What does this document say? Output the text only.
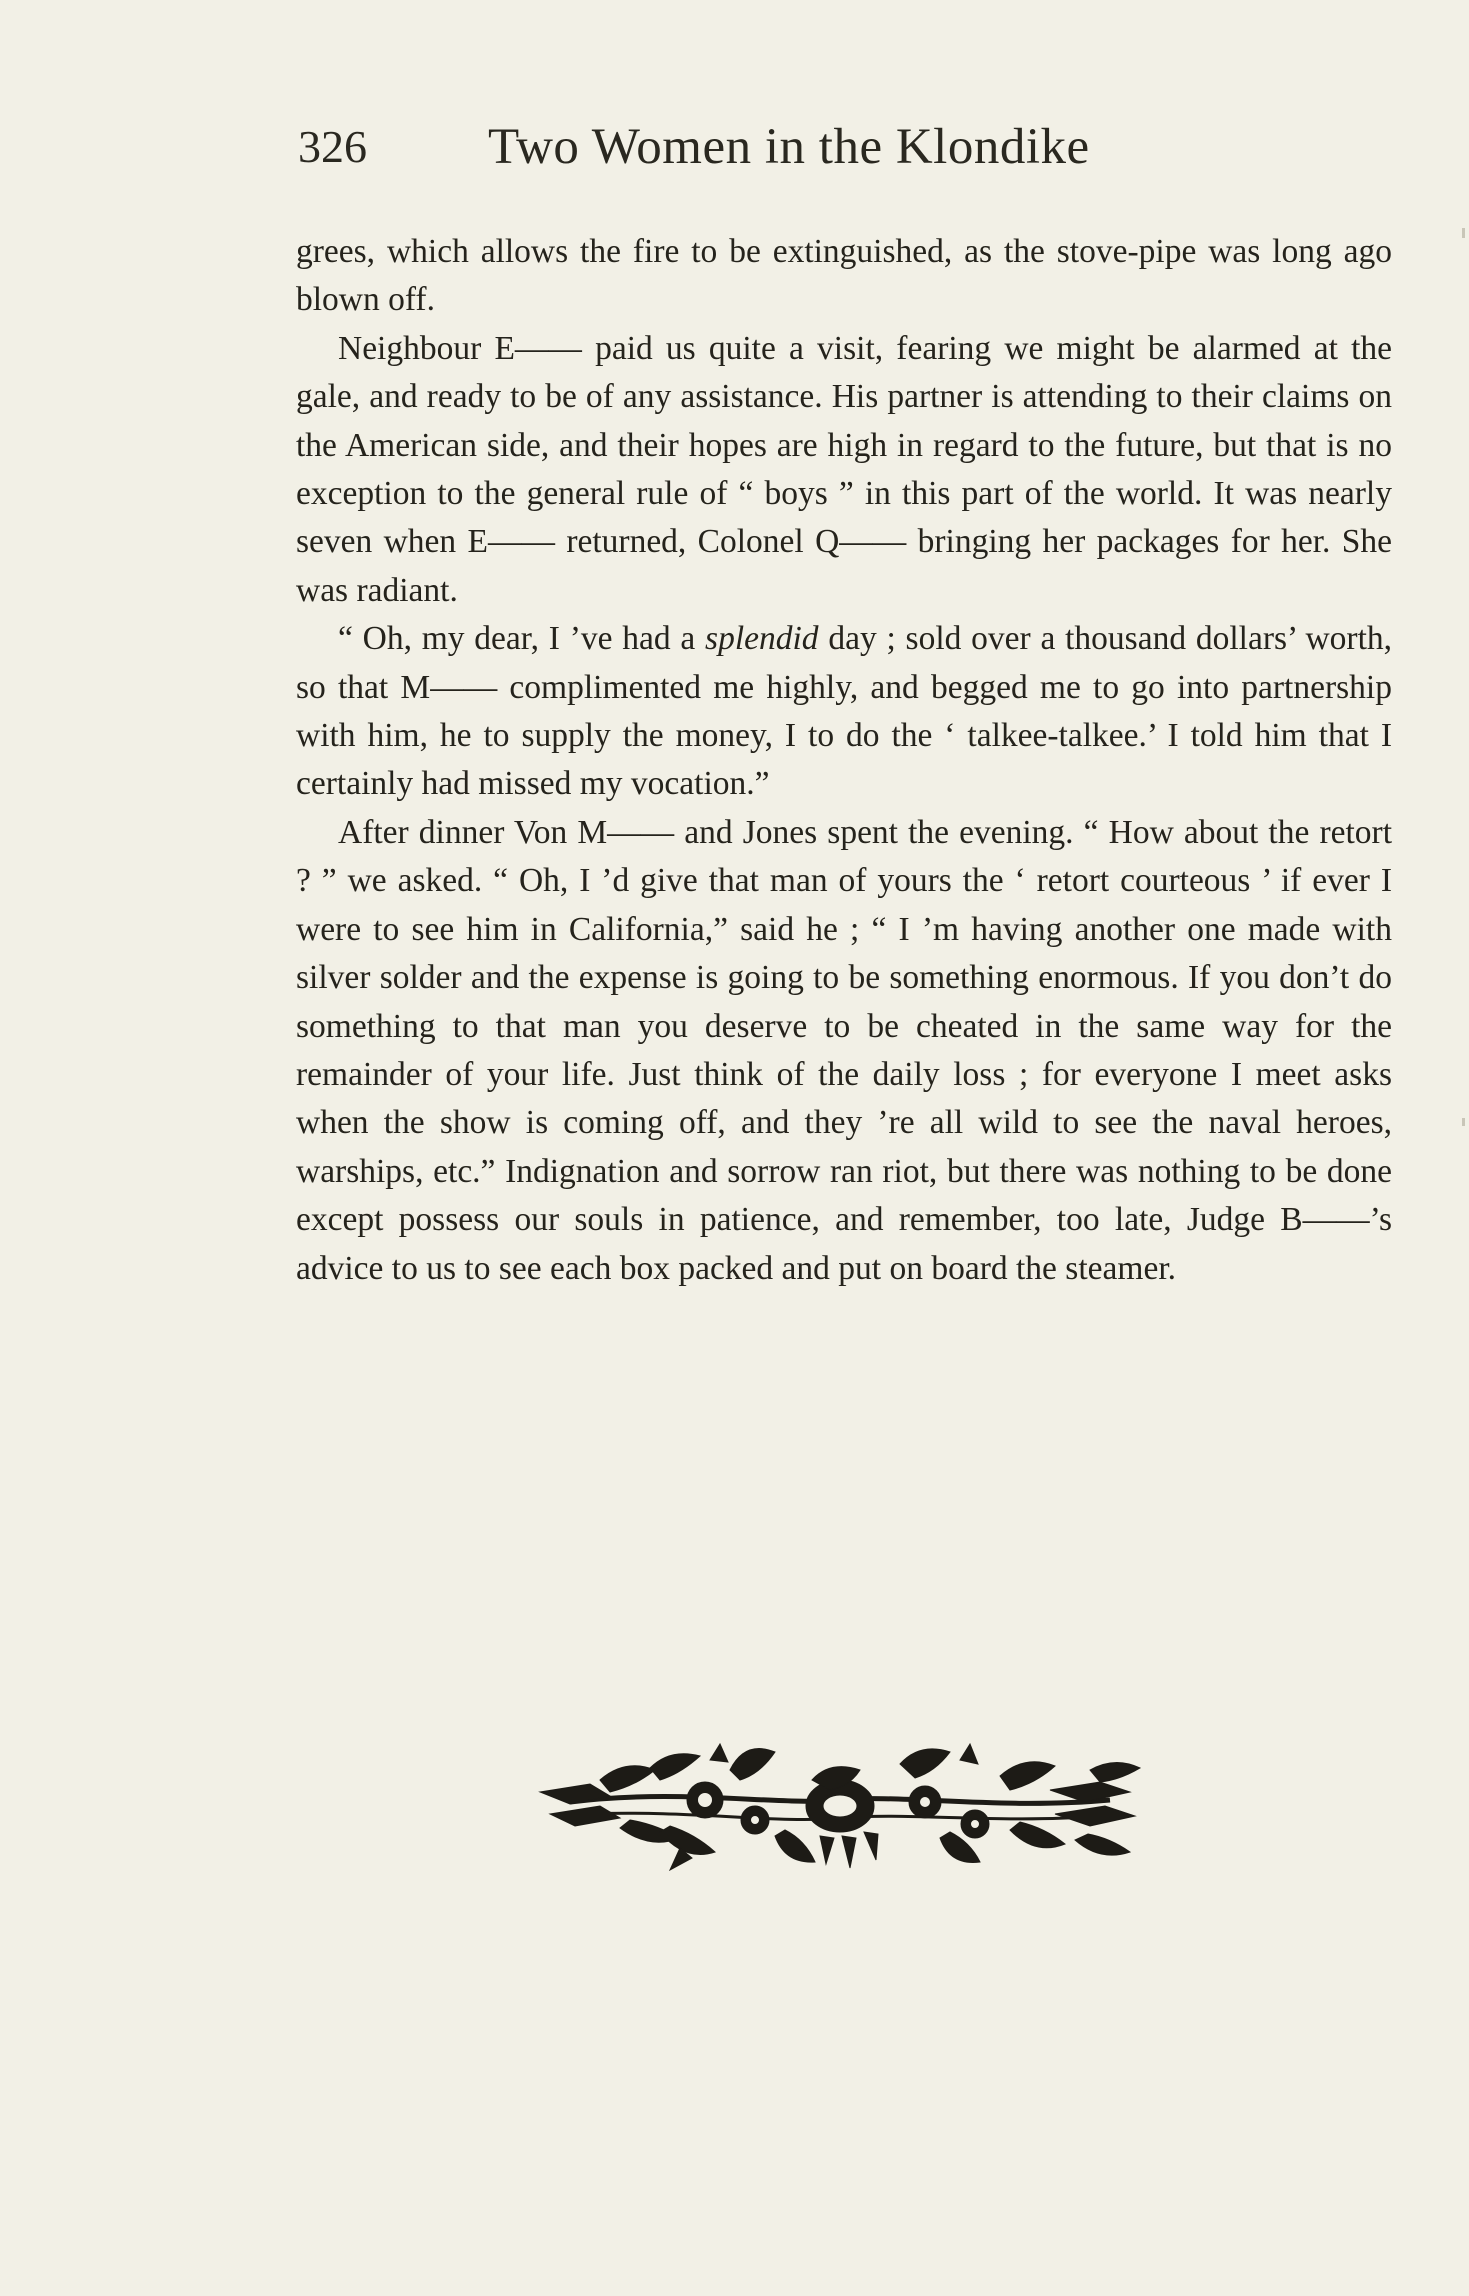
326 Two Women in the Klondike

grees, which allows the fire to be extinguished, as the stove-pipe was long ago blown off.

Neighbour E—— paid us quite a visit, fearing we might be alarmed at the gale, and ready to be of any assistance. His partner is attending to their claims on the American side, and their hopes are high in regard to the future, but that is no exception to the general rule of “ boys ” in this part of the world. It was nearly seven when E—— returned, Colonel Q—— bringing her packages for her. She was radiant.

“ Oh, my dear, I ’ve had a splendid day ; sold over a thousand dollars’ worth, so that M—— complimented me highly, and begged me to go into partnership with him, he to supply the money, I to do the ‘ talkee-talkee.’ I told him that I certainly had missed my vocation.”

After dinner Von M—— and Jones spent the evening. “ How about the retort ? ” we asked. “ Oh, I ’d give that man of yours the ‘ retort courteous ’ if ever I were to see him in California,” said he ; “ I ’m having another one made with silver solder and the expense is going to be something enormous. If you don’t do something to that man you deserve to be cheated in the same way for the remainder of your life. Just think of the daily loss ; for everyone I meet asks when the show is coming off, and they ’re all wild to see the naval heroes, warships, etc.” Indignation and sorrow ran riot, but there was nothing to be done except possess our souls in patience, and remember, too late, Judge B——’s advice to us to see each box packed and put on board the steamer.
